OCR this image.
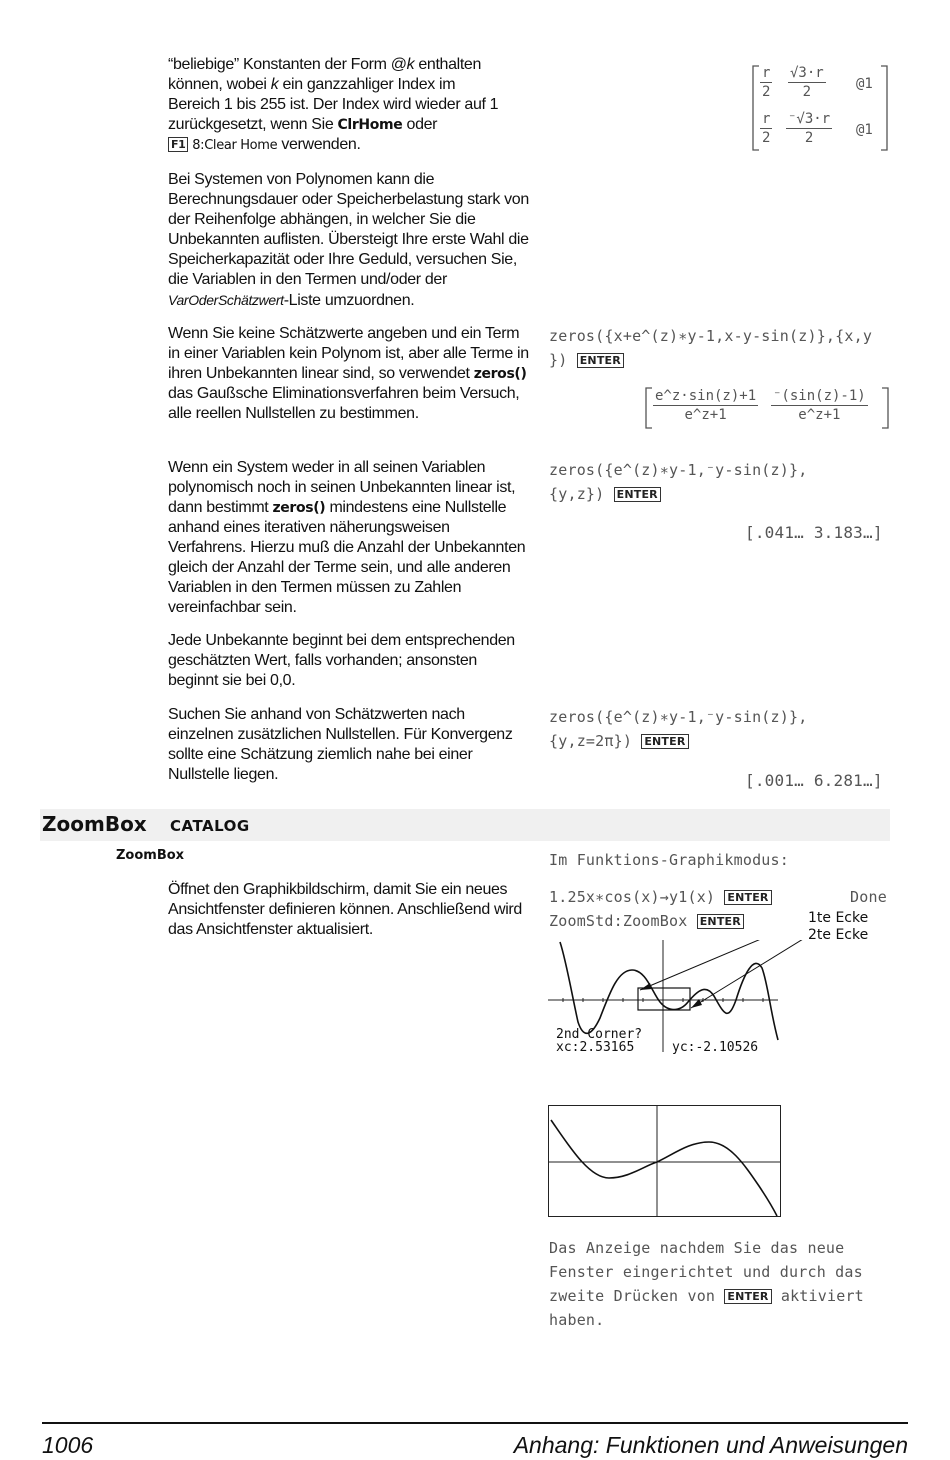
“beliebige” Konstanten der Form @k enthalten

können, wobei k ein ganzzahliger Index im

Bereich 1 bis 255 ist. Der Index wird wieder auf 1

zurückgesetzt, wenn Sie ClrHome oder

F1 8:Clear Home verwenden.

Bei Systemen von Polynomen kann die Berechnungsdauer oder Speicherbelastung stark von der Reihenfolge abhängen, in welcher Sie die Unbekannten auflisten. Übersteigt Ihre erste Wahl die Speicherkapazität oder Ihre Geduld, versuchen Sie, die Variablen in den Termen und/oder der VarOderSchätzwert-Liste umzuordnen.

Wenn Sie keine Schätzwerte angeben und ein Term in einer Variablen kein Polynom ist, aber alle Terme in ihren Unbekannten linear sind, so verwendet zeros() das Gaußsche Eliminationsverfahren beim Versuch, alle reellen Nullstellen zu bestimmen.

Wenn ein System weder in all seinen Variablen polynomisch noch in seinen Unbekannten linear ist, dann bestimmt zeros() mindestens eine Nullstelle anhand eines iterativen näherungsweisen Verfahrens. Hierzu muß die Anzahl der Unbekannten gleich der Anzahl der Terme sein, und alle anderen Variablen in den Termen müssen zu Zahlen vereinfachbar sein.

Jede Unbekannte beginnt bei dem entsprechenden geschätzten Wert, falls vorhanden; ansonsten beginnt sie bei 0,0.

Suchen Sie anhand von Schätzwerten nach einzelnen zusätzlichen Nullstellen. Für Konvergenz sollte eine Schätzung ziemlich nahe bei einer Nullstelle liegen.

$\frac{r}{2} \frac{√3\cdot r}{2}$ @1
$\frac{r}{2} \frac{^-√3\cdot r}{2}$ @1
zeros({x+e^(z)∗y-1,x-y-sin(z)},{x,y
}) ENTER
$\frac{e\^{}z\cdot\sin(z)+1}{e\^{}z+1} \frac{^-(\sin(z)-1)}{e\^{}z+1}$
zeros({e^(z)∗y-1,⁻y-sin(z)},
{y,z}) ENTER
[.041… 3.183…]
zeros({e^(z)∗y-1,⁻y-sin(z)},
{y,z=2π}) ENTER
[.001… 6.281…]
ZoomBox CATALOG
ZoomBox

Öffnet den Graphikbildschirm, damit Sie ein neues Ansichtfenster definieren können. Anschließend wird das Ansichtfenster aktualisiert.

Im Funktions-Graphikmodus:
1.25x∗cos(x)→y1(x) ENTER	Done
ZoomStd:ZoomBox ENTER	1te Ecke
2te Ecke
2nd Corner?
xc:2.53165	yc:-2.10526
Das Anzeige nachdem Sie das neue
Fenster eingerichtet und durch das
zweite Drücken von ENTER aktiviert
haben.
1006	Anhang: Funktionen und Anweisungen
